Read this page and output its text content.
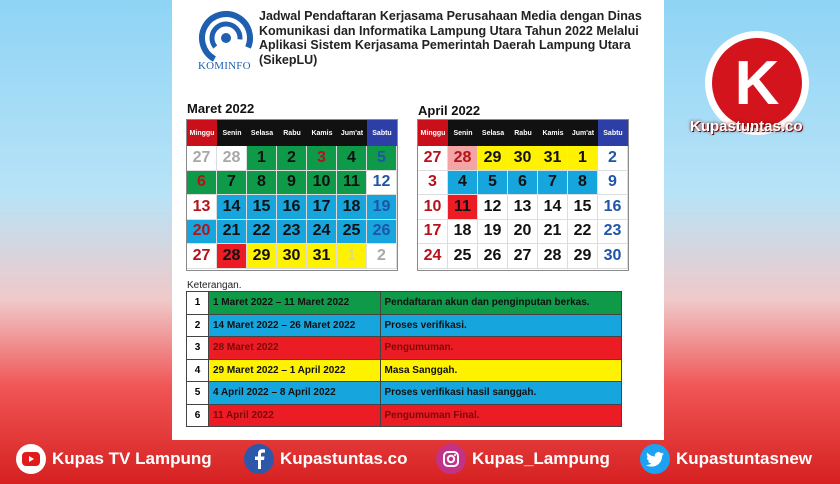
KOMINFO
Jadwal Pendaftaran Kerjasama Perusahaan Media dengan Dinas Komunikasi dan Informatika Lampung Utara Tahun 2022 Melalui Aplikasi Sistem Kerjasama Pemerintah Daerah Lampung Utara (SikepLU)
Maret 2022
Minggu	Senin	Selasa	Rabu	Kamis	Jum'at	Sabtu
27 28	1	2	3	4	5
6	7	8	9	10 11 12
13 14 15 16 17 18 19
20 21 22 23 24 25 26
27 28 29 30 31	1	2
April 2022
Minggu	Senin	Selasa	Rabu	Kamis	Jum'at	Sabtu
27 28 29 30 31	1	2
3	4	5	6	7	8	9
10 11 12 13 14 15 16
17 18 19 20 21 22 23
24 25 26 27 28 29 30
Keterangan.
1	1 Maret 2022 – 11 Maret 2022	Pendaftaran akun dan penginputan berkas.
2	14 Maret 2022 – 26 Maret 2022	Proses verifikasi.
3	28 Maret 2022	Pengumuman.
4	29 Maret 2022 – 1 April 2022	Masa Sanggah.
5	4 April 2022 – 8 April 2022	Proses verifikasi hasil sanggah.
6	11 April 2022	Pengumuman Final.
K
Kupastuntas.co
Kupas TV Lampung	Kupastuntas.co	Kupas_Lampung	Kupastuntasnew
